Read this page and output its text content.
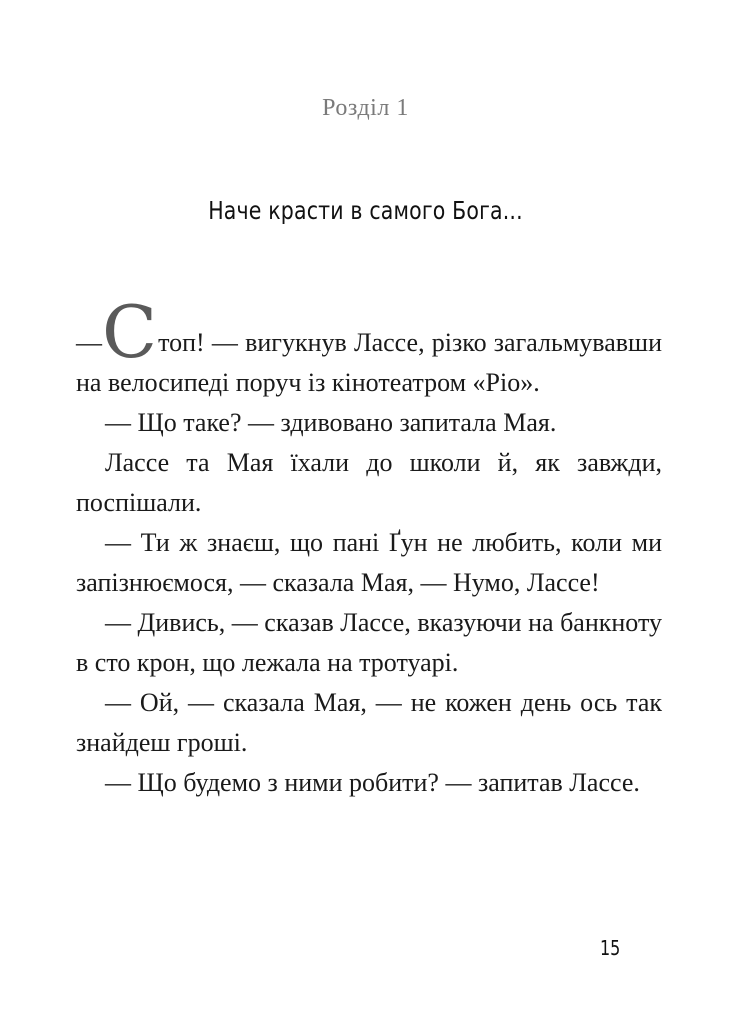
Розділ 1
Наче красти в самого Бога...

—Стоп! — вигукнув Лассе, різко загальмувавши на велосипеді поруч із кінотеатром «Ріо».

— Що таке? — здивовано запитала Мая.

Лассе та Мая їхали до школи й, як завжди, поспішали.

— Ти ж знаєш, що пані Ґун не любить, коли ми запізнюємося, — сказала Мая, — Нумо, Лассе!

— Дивись, — сказав Лассе, вказуючи на банкноту в сто крон, що лежала на тротуарі.

— Ой, — сказала Мая, — не кожен день ось так знайдеш гроші.

— Що будемо з ними робити? — запитав Лассе.

15
